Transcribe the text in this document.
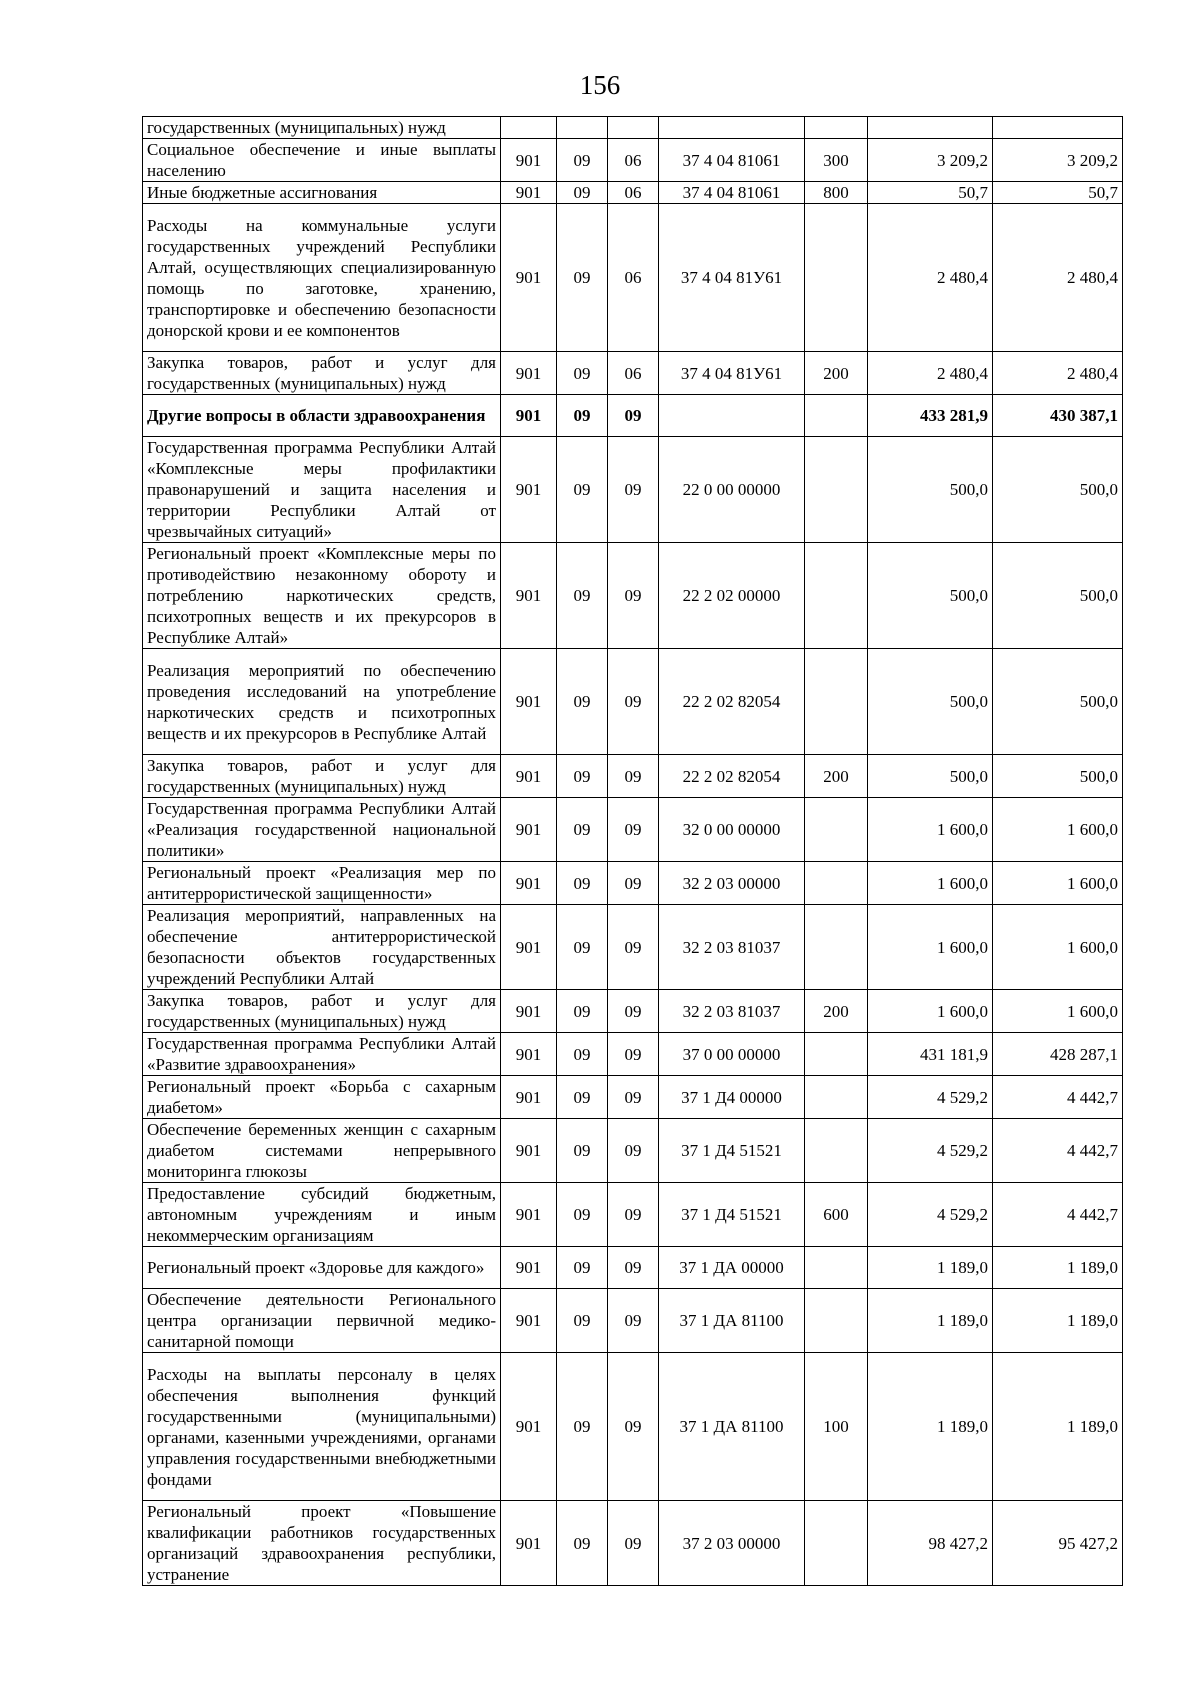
156
государственных (муниципальных) нужд							
Социальное обеспечение и иные выплаты населению	901	09	06	37 4 04 81061	300	3 209,2	3 209,2
Иные бюджетные ассигнования	901	09	06	37 4 04 81061	800	50,7	50,7
Расходы на коммунальные услуги государственных учреждений Республики Алтай, осуществляющих специализированную помощь по заготовке, хранению, транспортировке и обеспечению безопасности донорской крови и ее компонентов	901	09	06	37 4 04 81У61		2 480,4	2 480,4
Закупка товаров, работ и услуг для государственных (муниципальных) нужд	901	09	06	37 4 04 81У61	200	2 480,4	2 480,4
Другие вопросы в области здравоохранения	901	09	09			433 281,9	430 387,1
Государственная программа Республики Алтай «Комплексные меры профилактики правонарушений и защита населения и территории Республики Алтай от чрезвычайных ситуаций»	901	09	09	22 0 00 00000		500,0	500,0
Региональный проект «Комплексные меры по противодействию незаконному обороту и потреблению наркотических средств, психотропных веществ и их прекурсоров в Республике Алтай»	901	09	09	22 2 02 00000		500,0	500,0
Реализация мероприятий по обеспечению проведения исследований на употребление наркотических средств и психотропных веществ и их прекурсоров в Республике Алтай	901	09	09	22 2 02 82054		500,0	500,0
Закупка товаров, работ и услуг для государственных (муниципальных) нужд	901	09	09	22 2 02 82054	200	500,0	500,0
Государственная программа Республики Алтай «Реализация государственной национальной политики»	901	09	09	32 0 00 00000		1 600,0	1 600,0
Региональный проект «Реализация мер по антитеррористической защищенности»	901	09	09	32 2 03 00000		1 600,0	1 600,0
Реализация мероприятий, направленных на обеспечение антитеррористической безопасности объектов государственных учреждений Республики Алтай	901	09	09	32 2 03 81037		1 600,0	1 600,0
Закупка товаров, работ и услуг для государственных (муниципальных) нужд	901	09	09	32 2 03 81037	200	1 600,0	1 600,0
Государственная программа Республики Алтай «Развитие здравоохранения»	901	09	09	37 0 00 00000		431 181,9	428 287,1
Региональный проект «Борьба с сахарным диабетом»	901	09	09	37 1 Д4 00000		4 529,2	4 442,7
Обеспечение беременных женщин с сахарным диабетом системами непрерывного мониторинга глюкозы	901	09	09	37 1 Д4 51521		4 529,2	4 442,7
Предоставление субсидий бюджетным, автономным учреждениям и иным некоммерческим организациям	901	09	09	37 1 Д4 51521	600	4 529,2	4 442,7
Региональный проект «Здоровье для каждого»	901	09	09	37 1 ДА 00000		1 189,0	1 189,0
Обеспечение деятельности Регионального центра организации первичной медико-санитарной помощи	901	09	09	37 1 ДА 81100		1 189,0	1 189,0
Расходы на выплаты персоналу в целях обеспечения выполнения функций государственными (муниципальными) органами, казенными учреждениями, органами управления государственными внебюджетными фондами	901	09	09	37 1 ДА 81100	100	1 189,0	1 189,0
Региональный проект «Повышение квалификации работников государственных организаций здравоохранения республики, устранение	901	09	09	37 2 03 00000		98 427,2	95 427,2
